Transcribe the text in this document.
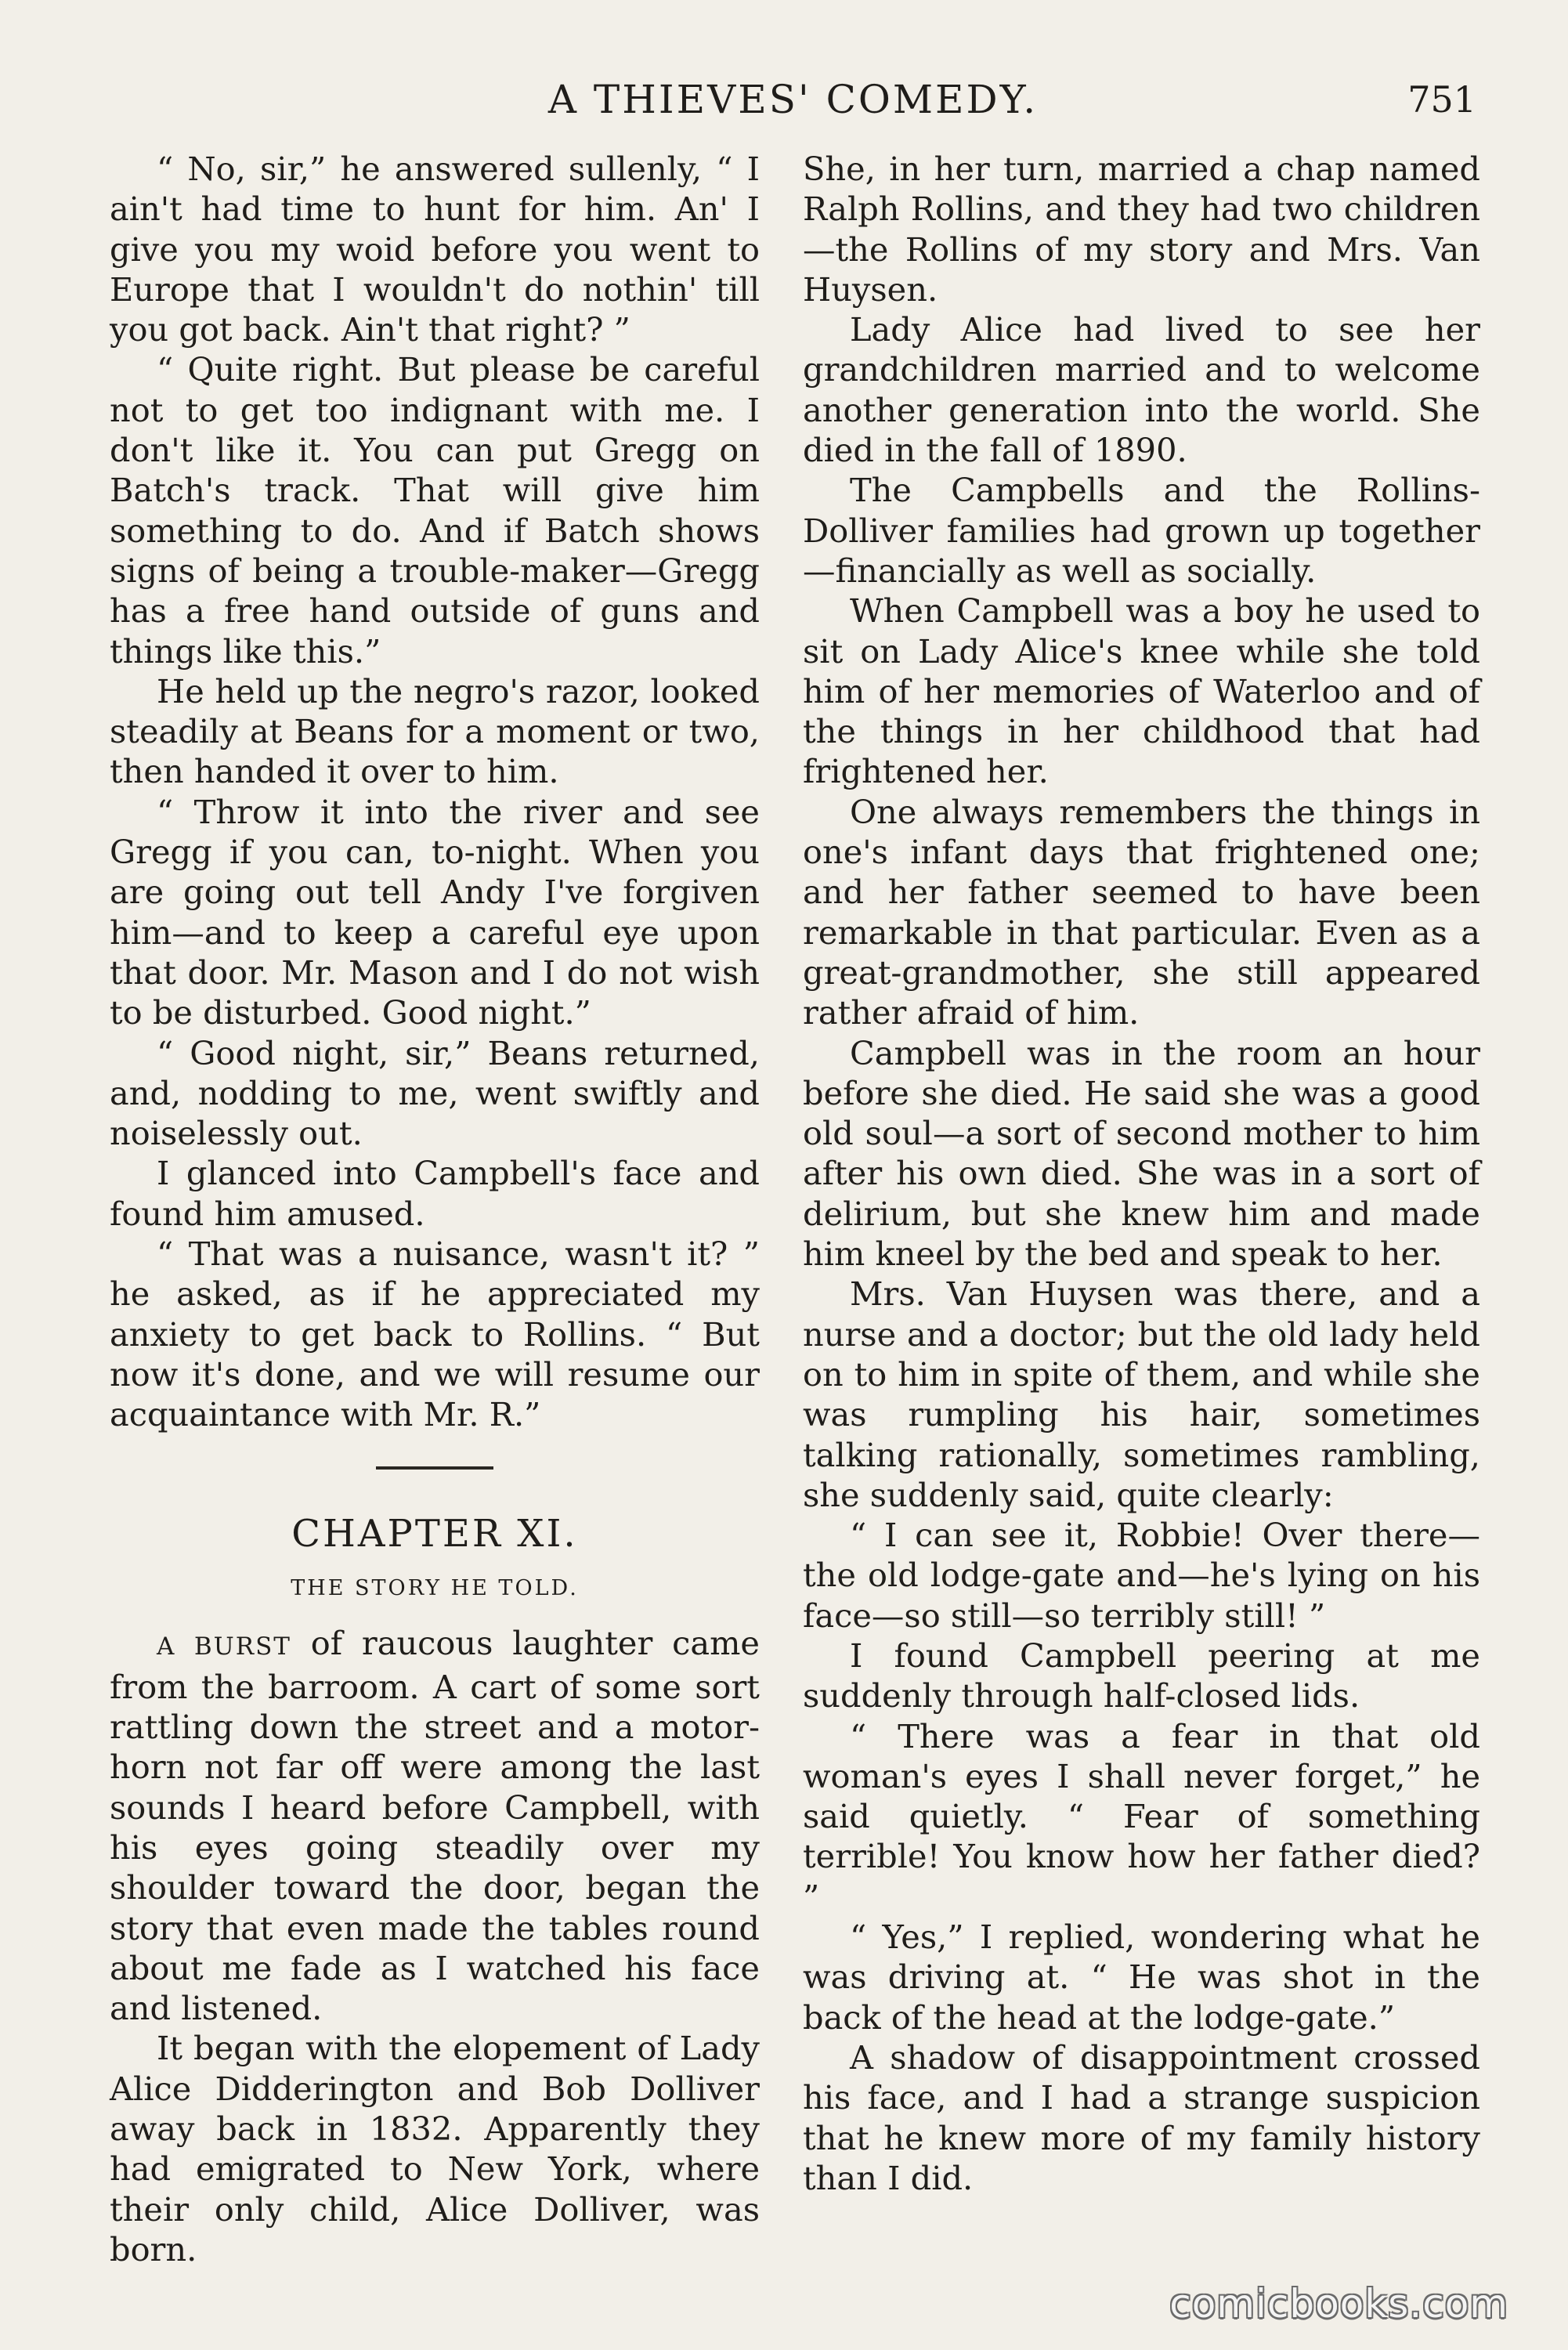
A THIEVES' COMEDY.	751

“ No, sir,” he answered sullenly, “ I ain't had time to hunt for him. An' I give you my woid before you went to Europe that I wouldn't do nothin' till you got back. Ain't that right? ”

“ Quite right. But please be careful not to get too indignant with me. I don't like it. You can put Gregg on Batch's track. That will give him something to do. And if Batch shows signs of being a trouble-maker—Gregg has a free hand outside of guns and things like this.”

He held up the negro's razor, looked steadily at Beans for a moment or two, then handed it over to him.

“ Throw it into the river and see Gregg if you can, to-night. When you are going out tell Andy I've forgiven him—and to keep a careful eye upon that door. Mr. Mason and I do not wish to be disturbed. Good night.”

“ Good night, sir,” Beans returned, and, nodding to me, went swiftly and noiselessly out.

I glanced into Campbell's face and found him amused.

“ That was a nuisance, wasn't it? ” he asked, as if he appreciated my anxiety to get back to Rollins. “ But now it's done, and we will resume our acquaintance with Mr. R.”

CHAPTER XI.
THE STORY HE TOLD.

A BURST of raucous laughter came from the barroom. A cart of some sort rattling down the street and a motor-horn not far off were among the last sounds I heard before Campbell, with his eyes going steadily over my shoulder toward the door, began the story that even made the tables round about me fade as I watched his face and listened.

It began with the elopement of Lady Alice Didderington and Bob Dolliver away back in 1832. Apparently they had emigrated to New York, where their only child, Alice Dolliver, was born.

She, in her turn, married a chap named Ralph Rollins, and they had two children—the Rollins of my story and Mrs. Van Huysen.

Lady Alice had lived to see her grandchildren married and to welcome another generation into the world. She died in the fall of 1890.

The Campbells and the Rollins-Dolliver families had grown up together —financially as well as socially.

When Campbell was a boy he used to sit on Lady Alice's knee while she told him of her memories of Waterloo and of the things in her childhood that had frightened her.

One always remembers the things in one's infant days that frightened one; and her father seemed to have been remarkable in that particular. Even as a great-grandmother, she still appeared rather afraid of him.

Campbell was in the room an hour before she died. He said she was a good old soul—a sort of second mother to him after his own died. She was in a sort of delirium, but she knew him and made him kneel by the bed and speak to her.

Mrs. Van Huysen was there, and a nurse and a doctor; but the old lady held on to him in spite of them, and while she was rumpling his hair, sometimes talking rationally, sometimes rambling, she suddenly said, quite clearly:

“ I can see it, Robbie! Over there—the old lodge-gate and—he's lying on his face—so still—so terribly still! ”

I found Campbell peering at me suddenly through half-closed lids.

“ There was a fear in that old woman's eyes I shall never forget,” he said quietly. “ Fear of something terrible! You know how her father died? ”

“ Yes,” I replied, wondering what he was driving at. “ He was shot in the back of the head at the lodge-gate.”

A shadow of disappointment crossed his face, and I had a strange suspicion that he knew more of my family history than I did.

comicbooks.com
